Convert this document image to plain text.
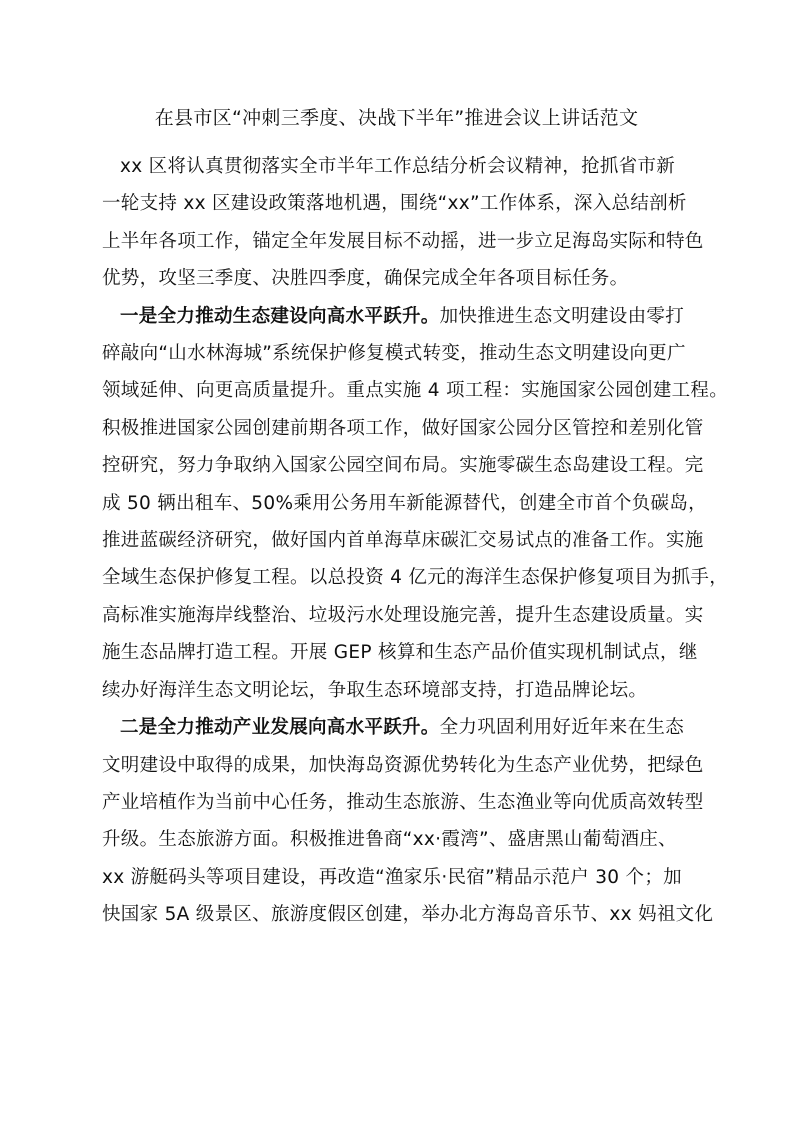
在县市区“冲刺三季度、决战下半年”推进会议上讲话范文
xx 区将认真贯彻落实全市半年工作总结分析会议精神，抢抓省市新
一轮支持 xx 区建设政策落地机遇，围绕“xx”工作体系，深入总结剖析
上半年各项工作，锚定全年发展目标不动摇，进一步立足海岛实际和特色
优势，攻坚三季度、决胜四季度，确保完成全年各项目标任务。
一是全力推动生态建设向高水平跃升。加快推进生态文明建设由零打
碎敲向“山水林海城”系统保护修复模式转变，推动生态文明建设向更广
领域延伸、向更高质量提升。重点实施 4 项工程：实施国家公园创建工程。
积极推进国家公园创建前期各项工作，做好国家公园分区管控和差别化管
控研究，努力争取纳入国家公园空间布局。实施零碳生态岛建设工程。完
成 50 辆出租车、50%乘用公务用车新能源替代，创建全市首个负碳岛，
推进蓝碳经济研究，做好国内首单海草床碳汇交易试点的准备工作。实施
全域生态保护修复工程。以总投资 4 亿元的海洋生态保护修复项目为抓手，
高标准实施海岸线整治、垃圾污水处理设施完善，提升生态建设质量。实
施生态品牌打造工程。开展 GEP 核算和生态产品价值实现机制试点，继
续办好海洋生态文明论坛，争取生态环境部支持，打造品牌论坛。
二是全力推动产业发展向高水平跃升。全力巩固利用好近年来在生态
文明建设中取得的成果，加快海岛资源优势转化为生态产业优势，把绿色
产业培植作为当前中心任务，推动生态旅游、生态渔业等向优质高效转型
升级。生态旅游方面。积极推进鲁商“xx·霞湾”、盛唐黑山葡萄酒庄、
xx 游艇码头等项目建设，再改造“渔家乐·民宿”精品示范户 30 个；加
快国家 5A 级景区、旅游度假区创建，举办北方海岛音乐节、xx 妈祖文化
